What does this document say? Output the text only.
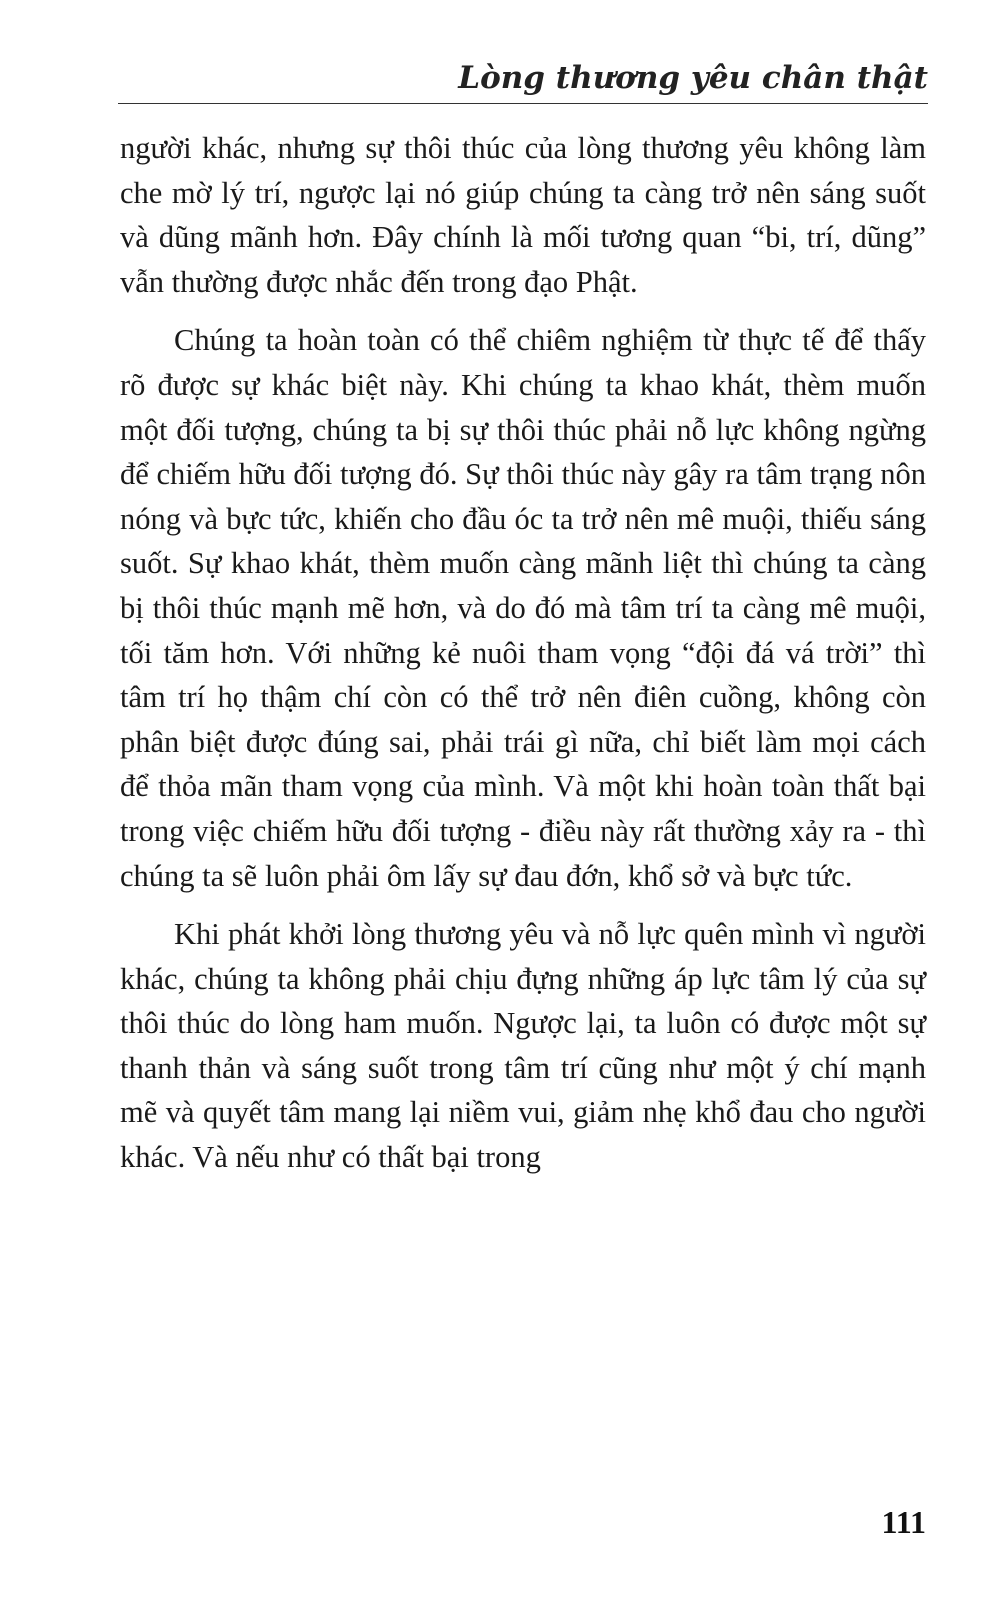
Lòng thương yêu chân thật

người khác, nhưng sự thôi thúc của lòng thương yêu không làm che mờ lý trí, ngược lại nó giúp chúng ta càng trở nên sáng suốt và dũng mãnh hơn. Đây chính là mối tương quan “bi, trí, dũng” vẫn thường được nhắc đến trong đạo Phật.

Chúng ta hoàn toàn có thể chiêm nghiệm từ thực tế để thấy rõ được sự khác biệt này. Khi chúng ta khao khát, thèm muốn một đối tượng, chúng ta bị sự thôi thúc phải nỗ lực không ngừng để chiếm hữu đối tượng đó. Sự thôi thúc này gây ra tâm trạng nôn nóng và bực tức, khiến cho đầu óc ta trở nên mê muội, thiếu sáng suốt. Sự khao khát, thèm muốn càng mãnh liệt thì chúng ta càng bị thôi thúc mạnh mẽ hơn, và do đó mà tâm trí ta càng mê muội, tối tăm hơn. Với những kẻ nuôi tham vọng “đội đá vá trời” thì tâm trí họ thậm chí còn có thể trở nên điên cuồng, không còn phân biệt được đúng sai, phải trái gì nữa, chỉ biết làm mọi cách để thỏa mãn tham vọng của mình. Và một khi hoàn toàn thất bại trong việc chiếm hữu đối tượng - điều này rất thường xảy ra - thì chúng ta sẽ luôn phải ôm lấy sự đau đớn, khổ sở và bực tức.

Khi phát khởi lòng thương yêu và nỗ lực quên mình vì người khác, chúng ta không phải chịu đựng những áp lực tâm lý của sự thôi thúc do lòng ham muốn. Ngược lại, ta luôn có được một sự thanh thản và sáng suốt trong tâm trí cũng như một ý chí mạnh mẽ và quyết tâm mang lại niềm vui, giảm nhẹ khổ đau cho người khác. Và nếu như có thất bại trong

111
